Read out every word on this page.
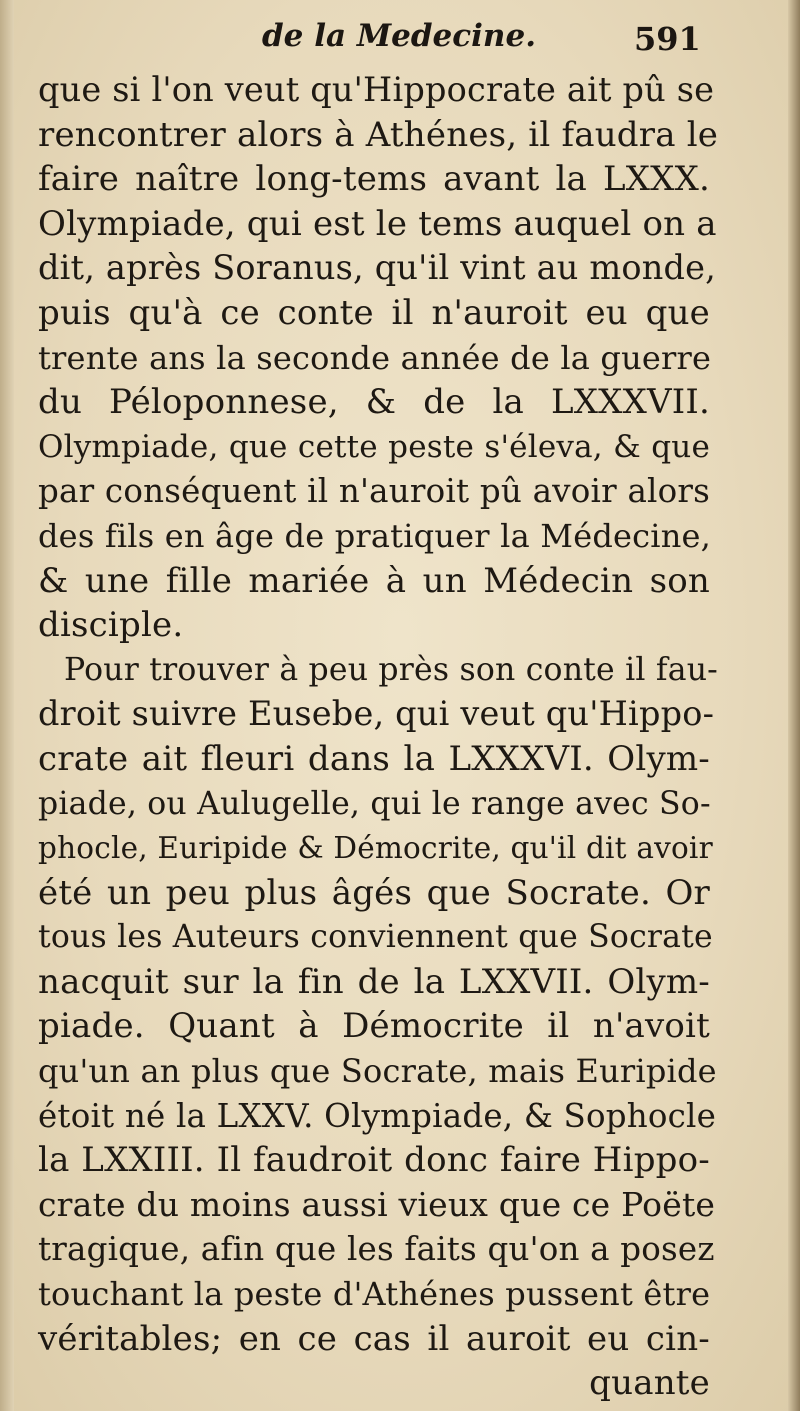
de la Medecine.	591
que si l'on veut qu'Hippocrate ait pû se
rencontrer alors à Athénes, il faudra le
faire naître long-tems avant la LXXX.
Olympiade, qui est le tems auquel on a
dit, après Soranus, qu'il vint au monde,
puis qu'à ce conte il n'auroit eu que
trente ans la seconde année de la guerre
du Péloponnese, & de la LXXXVII.
Olympiade, que cette peste s'éleva, & que
par conséquent il n'auroit pû avoir alors
des fils en âge de pratiquer la Médecine,
& une fille mariée à un Médecin son
disciple.
Pour trouver à peu près son conte il fau-
droit suivre Eusebe, qui veut qu'Hippo-
crate ait fleuri dans la LXXXVI. Olym-
piade, ou Aulugelle, qui le range avec So-
phocle, Euripide & Démocrite, qu'il dit avoir
été un peu plus âgés que Socrate. Or
tous les Auteurs conviennent que Socrate
nacquit sur la fin de la LXXVII. Olym-
piade. Quant à Démocrite il n'avoit
qu'un an plus que Socrate, mais Euripide
étoit né la LXXV. Olympiade, & Sophocle
la LXXIII. Il faudroit donc faire Hippo-
crate du moins aussi vieux que ce Poëte
tragique, afin que les faits qu'on a posez
touchant la peste d'Athénes pussent être
véritables; en ce cas il auroit eu cin-
quante
